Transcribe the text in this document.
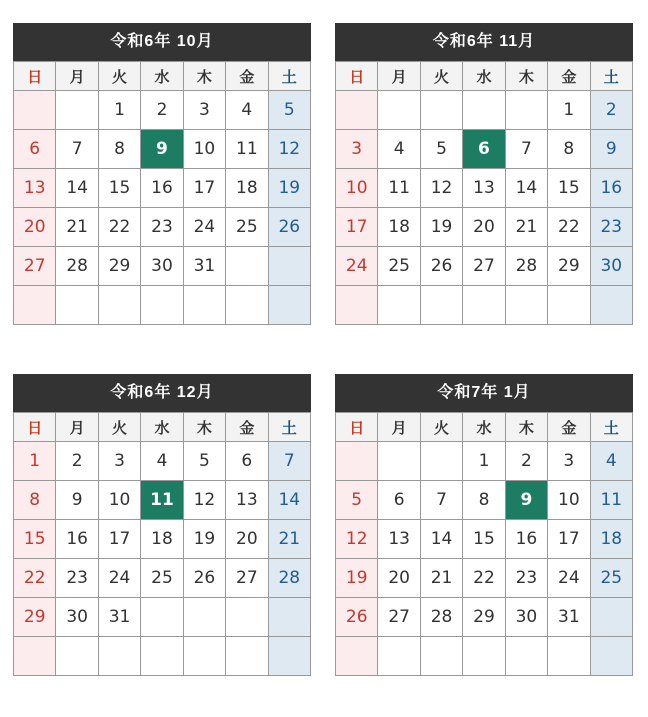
令和6年 10月
日	月	火	水	木	金	土
		1	2	3	4	5
6	7	8	9	10	11	12
13	14	15	16	17	18	19
20	21	22	23	24	25	26
27	28	29	30	31		

令和6年 11月
日	月	火	水	木	金	土
					1	2
3	4	5	6	7	8	9
10	11	12	13	14	15	16
17	18	19	20	21	22	23
24	25	26	27	28	29	30

令和6年 12月
日	月	火	水	木	金	土
1	2	3	4	5	6	7
8	9	10	11	12	13	14
15	16	17	18	19	20	21
22	23	24	25	26	27	28
29	30	31				

令和7年 1月
日	月	火	水	木	金	土
			1	2	3	4
5	6	7	8	9	10	11
12	13	14	15	16	17	18
19	20	21	22	23	24	25
26	27	28	29	30	31	
